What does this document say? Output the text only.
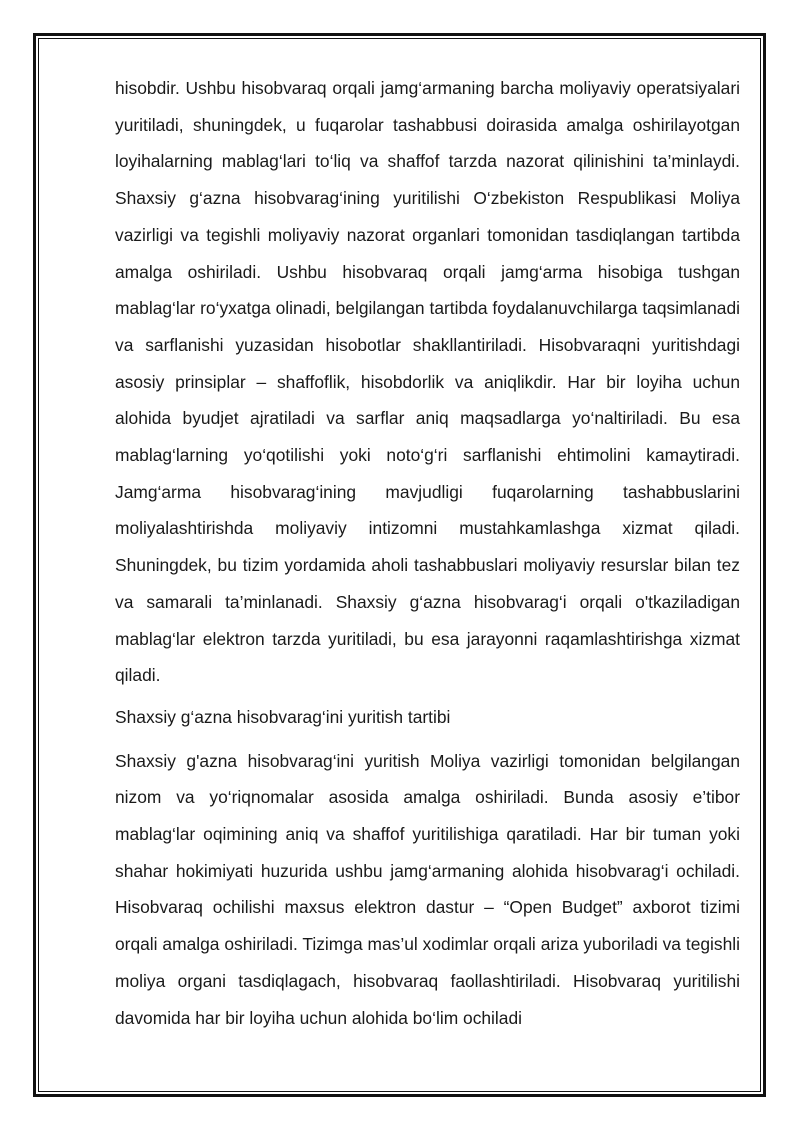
hisobdir. Ushbu hisobvaraq orqali jamg‘armaning barcha moliyaviy operatsiyalari yuritiladi, shuningdek, u fuqarolar tashabbusi doirasida amalga oshirilayotgan loyihalarning mablag‘lari to‘liq va shaffof tarzda nazorat qilinishini ta’minlaydi. Shaxsiy g‘azna hisobvarag‘ining yuritilishi O‘zbekiston Respublikasi Moliya vazirligi va tegishli moliyaviy nazorat organlari tomonidan tasdiqlangan tartibda amalga oshiriladi. Ushbu hisobvaraq orqali jamg‘arma hisobiga tushgan mablag‘lar ro‘yxatga olinadi, belgilangan tartibda foydalanuvchilarga taqsimlanadi va sarflanishi yuzasidan hisobotlar shakllantiriladi. Hisobvaraqni yuritishdagi asosiy prinsiplar – shaffoflik, hisobdorlik va aniqlikdir. Har bir loyiha uchun alohida byudjet ajratiladi va sarflar aniq maqsadlarga yo‘naltiriladi. Bu esa mablag‘larning yo‘qotilishi yoki noto‘g‘ri sarflanishi ehtimolini kamaytiradi. Jamg‘arma hisobvarag‘ining mavjudligi fuqarolarning tashabbuslarini moliyalashtirishda moliyaviy intizomni mustahkamlashga xizmat qiladi. Shuningdek, bu tizim yordamida aholi tashabbuslari moliyaviy resurslar bilan tez va samarali ta’minlanadi. Shaxsiy g‘azna hisobvarag‘i orqali o'tkaziladigan mablag‘lar elektron tarzda yuritiladi, bu esa jarayonni raqamlashtirishga xizmat qiladi.

Shaxsiy g‘azna hisobvarag‘ini yuritish tartibi

Shaxsiy g'azna hisobvarag‘ini yuritish Moliya vazirligi tomonidan belgilangan nizom va yo‘riqnomalar asosida amalga oshiriladi. Bunda asosiy e’tibor mablag‘lar oqimining aniq va shaffof yuritilishiga qaratiladi. Har bir tuman yoki shahar hokimiyati huzurida ushbu jamg‘armaning alohida hisobvarag‘i ochiladi. Hisobvaraq ochilishi maxsus elektron dastur – “Open Budget” axborot tizimi orqali amalga oshiriladi. Tizimga mas’ul xodimlar orqali ariza yuboriladi va tegishli moliya organi tasdiqlagach, hisobvaraq faollashtiriladi. Hisobvaraq yuritilishi davomida har bir loyiha uchun alohida bo‘lim ochiladi
